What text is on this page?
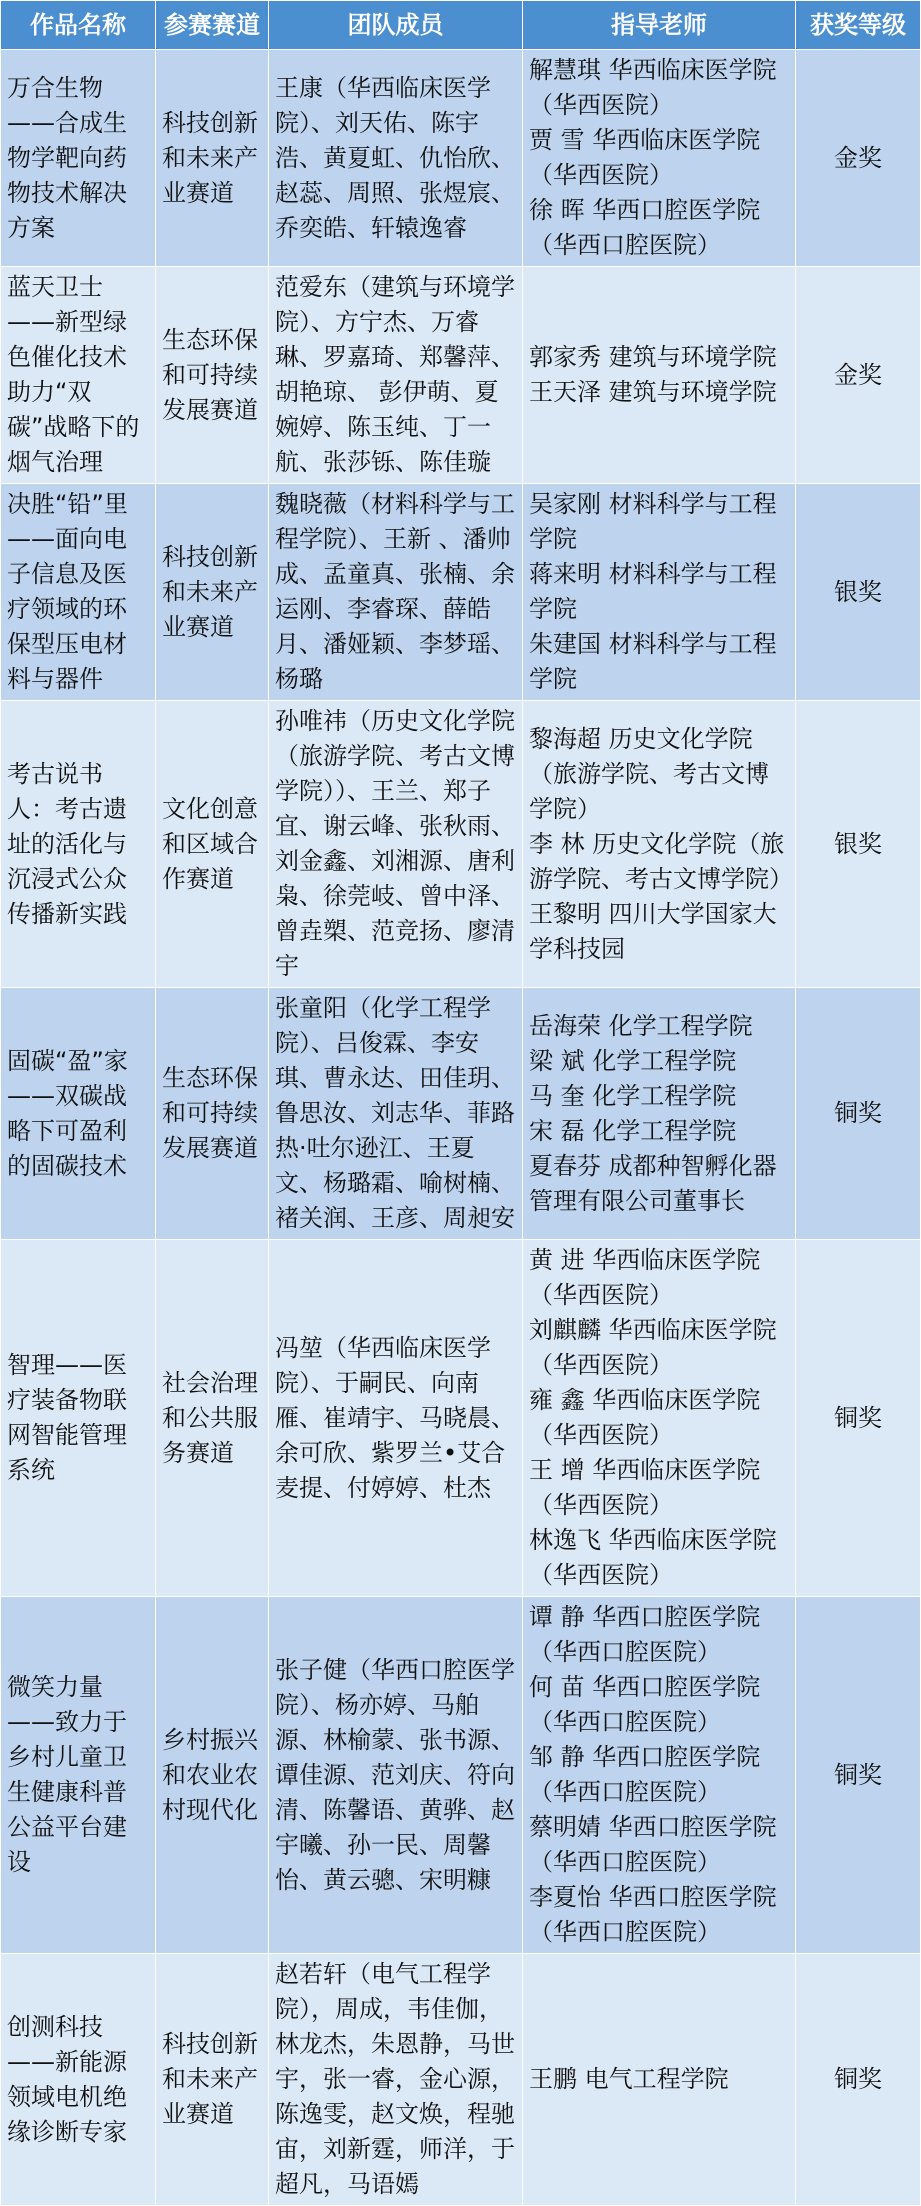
作品名称	参赛赛道	团队成员	指导老师	获奖等级
万合生物——合成生物学靶向药物技术解决方案	科技创新和未来产业赛道	王康（华西临床医学院）、刘天佑、陈宇浩、黄夏虹、仇怡欣、赵蕊、周照、张煜宸、乔奕皓、轩辕逸睿	解慧琪 华西临床医学院（华西医院）
贾 雪 华西临床医学院（华西医院）
徐 晖 华西口腔医学院（华西口腔医院）	金奖
蓝天卫士——新型绿色催化技术助力“双碳”战略下的烟气治理	生态环保和可持续发展赛道	范爱东（建筑与环境学院）、方宁杰、万睿琳、罗嘉琦、郑馨萍、胡艳琼、 彭伊萌、夏婉婷、陈玉纯、丁一航、张莎铄、陈佳璇	郭家秀 建筑与环境学院
王天泽 建筑与环境学院	金奖
决胜“铅”里——面向电子信息及医疗领域的环保型压电材料与器件	科技创新和未来产业赛道	魏晓薇（材料科学与工程学院）、王新 、潘帅成、孟童真、张楠、余运刚、李睿琛、薛皓月、潘娅颖、李梦瑶、杨璐	吴家刚 材料科学与工程学院
蒋来明 材料科学与工程学院
朱建国 材料科学与工程学院	银奖
考古说书人：考古遗址的活化与沉浸式公众传播新实践	文化创意和区域合作赛道	孙唯祎（历史文化学院（旅游学院、考古文博学院））、王兰、郑子宜、谢云峰、张秋雨、刘金鑫、刘湘源、唐利枭、徐莞岐、曾中泽、曾垚槊、范竞扬、廖清宇	黎海超 历史文化学院（旅游学院、考古文博学院）
李 林 历史文化学院（旅游学院、考古文博学院）
王黎明 四川大学国家大学科技园	银奖
固碳“盈”家——双碳战略下可盈利的固碳技术	生态环保和可持续发展赛道	张童阳（化学工程学院）、吕俊霖、李安琪、曹永达、田佳玥、鲁思汝、刘志华、菲路热·吐尔逊江、王夏文、杨璐霜、喻树楠、褚关润、王彦、周昶安	岳海荣 化学工程学院
梁 斌 化学工程学院
马 奎 化学工程学院
宋 磊 化学工程学院
夏春芬 成都种智孵化器管理有限公司董事长	铜奖
智理——医疗装备物联网智能管理系统	社会治理和公共服务赛道	冯堃（华西临床医学院）、于嗣民、向南雁、崔靖宇、马晓晨、余可欣、紫罗兰•艾合麦提、付婷婷、杜杰	黄 进 华西临床医学院（华西医院）
刘麒麟 华西临床医学院（华西医院）
雍 鑫 华西临床医学院（华西医院）
王 增 华西临床医学院（华西医院）
林逸飞 华西临床医学院（华西医院）	铜奖
微笑力量——致力于乡村儿童卫生健康科普公益平台建设	乡村振兴和农业农村现代化	张子健（华西口腔医学院）、杨亦婷、马舶源、林榆蒙、张书源、谭佳源、范刘庆、符向清、陈馨语、黄骅、赵宇曦、孙一民、周馨怡、黄云骢、宋明糠	谭 静 华西口腔医学院（华西口腔医院）
何 苗 华西口腔医学院（华西口腔医院）
邹 静 华西口腔医学院（华西口腔医院）
蔡明婧 华西口腔医学院（华西口腔医院）
李夏怡 华西口腔医学院（华西口腔医院）	铜奖
创测科技——新能源领域电机绝缘诊断专家	科技创新和未来产业赛道	赵若轩（电气工程学院），周成，韦佳伽，林龙杰，朱恩静，马世宇，张一睿，金心源，陈逸雯，赵文焕，程驰宙，刘新霆，师洋，于超凡，马语嫣	王鹏 电气工程学院	铜奖
